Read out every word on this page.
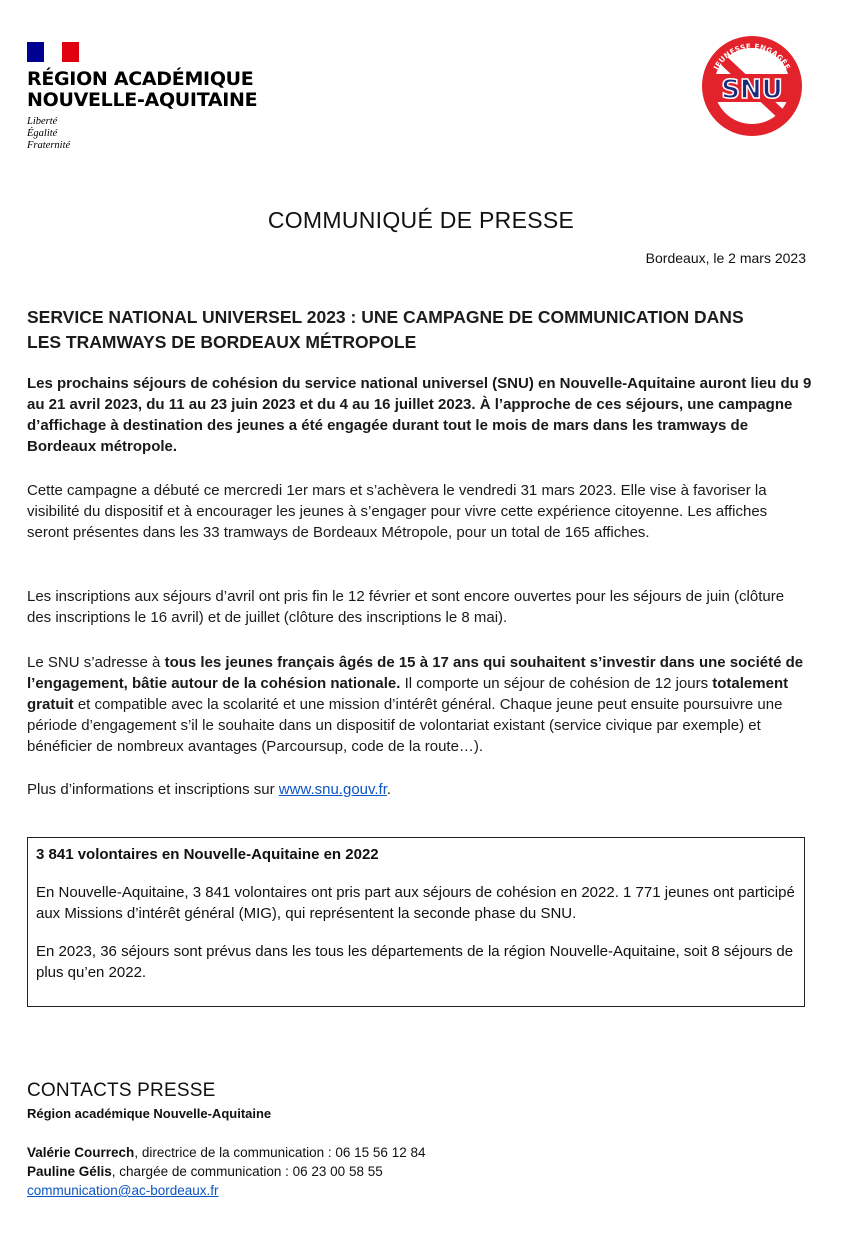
RÉGION ACADÉMIQUE
NOUVELLE-AQUITAINE
Liberté
Égalité
Fraternité
JEUNESSE ENGAGÉE
SNU
COMMUNIQUÉ DE PRESSE
Bordeaux, le 2 mars 2023
SERVICE NATIONAL UNIVERSEL 2023 : UNE CAMPAGNE DE COMMUNICATION DANS
LES TRAMWAYS DE BORDEAUX MÉTROPOLE
Les prochains séjours de cohésion du service national universel (SNU) en Nouvelle-Aquitaine auront lieu du 9 au 21 avril 2023, du 11 au 23 juin 2023 et du 4 au 16 juillet 2023. À l’approche de ces séjours, une campagne d’affichage à destination des jeunes a été engagée durant tout le mois de mars dans les tramways de Bordeaux métropole.
Cette campagne a débuté ce mercredi 1er mars et s’achèvera le vendredi 31 mars 2023. Elle vise à favoriser la visibilité du dispositif et à encourager les jeunes à s’engager pour vivre cette expérience citoyenne. Les affiches seront présentes dans les 33 tramways de Bordeaux Métropole, pour un total de 165 affiches.
Les inscriptions aux séjours d’avril ont pris fin le 12 février et sont encore ouvertes pour les séjours de juin (clôture des inscriptions le 16 avril) et de juillet (clôture des inscriptions le 8 mai).
Le SNU s’adresse à tous les jeunes français âgés de 15 à 17 ans qui souhaitent s’investir dans une société de l’engagement, bâtie autour de la cohésion nationale. Il comporte un séjour de cohésion de 12 jours totalement gratuit et compatible avec la scolarité et une mission d’intérêt général. Chaque jeune peut ensuite poursuivre une période d’engagement s’il le souhaite dans un dispositif de volontariat existant (service civique par exemple) et bénéficier de nombreux avantages (Parcoursup, code de la route…).
Plus d’informations et inscriptions sur www.snu.gouv.fr.
3 841 volontaires en Nouvelle-Aquitaine en 2022
En Nouvelle-Aquitaine, 3 841 volontaires ont pris part aux séjours de cohésion en 2022. 1 771 jeunes ont participé aux Missions d’intérêt général (MIG), qui représentent la seconde phase du SNU.
En 2023, 36 séjours sont prévus dans les tous les départements de la région Nouvelle-Aquitaine, soit 8 séjours de plus qu’en 2022.
CONTACTS PRESSE
Région académique Nouvelle-Aquitaine
Valérie Courrech, directrice de la communication : 06 15 56 12 84
Pauline Gélis, chargée de communication : 06 23 00 58 55
communication@ac-bordeaux.fr
